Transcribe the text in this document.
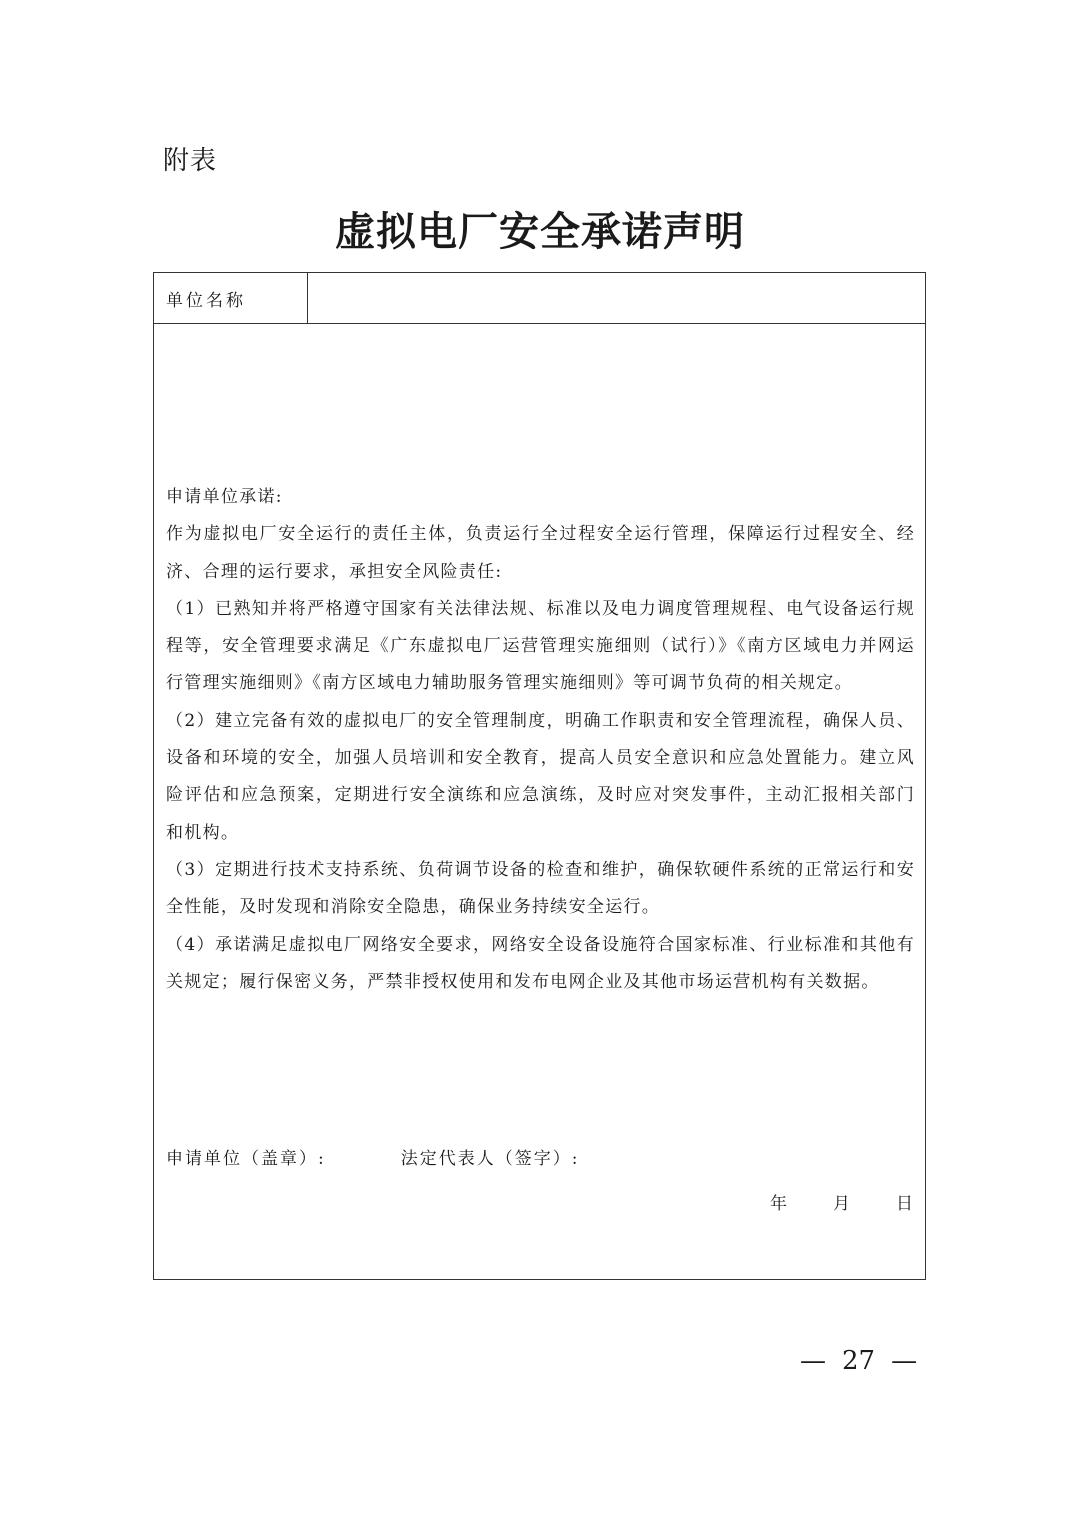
附表
虚拟电厂安全承诺声明
单位名称

申请单位承诺:

作为虚拟电厂安全运行的责任主体，负责运行全过程安全运行管理，保障运行过程安全、经济、合理的运行要求，承担安全风险责任:

（1）已熟知并将严格遵守国家有关法律法规、标准以及电力调度管理规程、电气设备运行规程等，安全管理要求满足《广东虚拟电厂运营管理实施细则（试行）》《南方区域电力并网运行管理实施细则》《南方区域电力辅助服务管理实施细则》等可调节负荷的相关规定。

（2）建立完备有效的虚拟电厂的安全管理制度，明确工作职责和安全管理流程，确保人员、设备和环境的安全，加强人员培训和安全教育，提高人员安全意识和应急处置能力。建立风险评估和应急预案，定期进行安全演练和应急演练，及时应对突发事件，主动汇报相关部门和机构。

（3）定期进行技术支持系统、负荷调节设备的检查和维护，确保软硬件系统的正常运行和安全性能，及时发现和消除安全隐患，确保业务持续安全运行。

（4）承诺满足虚拟电厂网络安全要求，网络安全设备设施符合国家标准、行业标准和其他有关规定；履行保密义务，严禁非授权使用和发布电网企业及其他市场运营机构有关数据。

申请单位（盖章）:	法定代表人（签字）:
年	月	日
— 27 —
